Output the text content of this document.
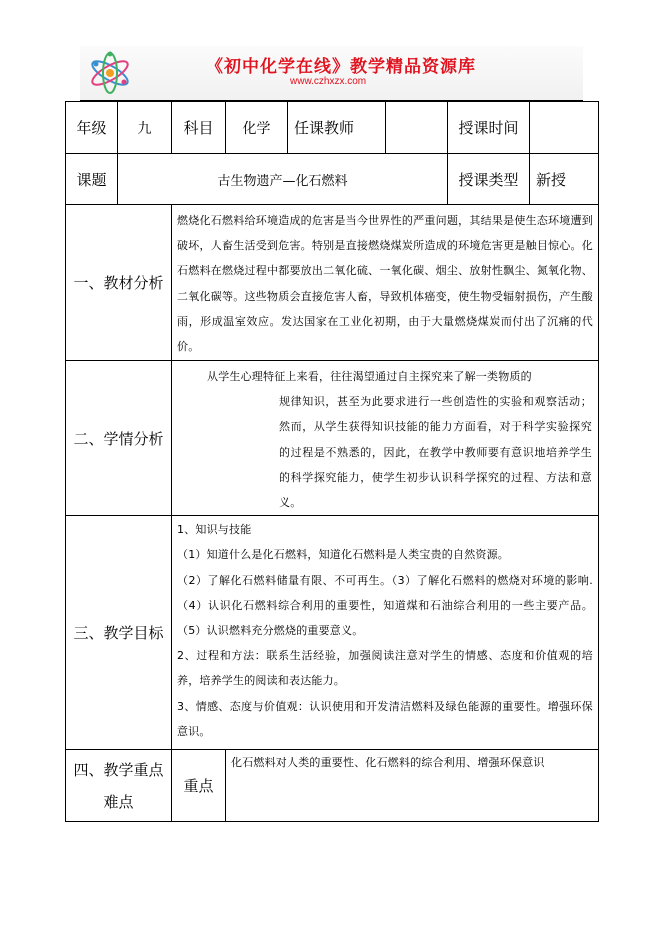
《初中化学在线》教学精品资源库
www.czhxzx.com
年级	九	科目	化学	任课教师		授课时间	
课题	古生物遗产—化石燃料					授课类型	新授
一、教材分析		燃烧化石燃料给环境造成的危害是当今世界性的严重问题，其结果是使生态环境遭到破坏，人畜生活受到危害。特别是直接燃烧煤炭所造成的环境危害更是触目惊心。化石燃料在燃烧过程中都要放出二氧化硫、一氧化碳、烟尘、放射性飘尘、氮氧化物、二氧化碳等。这些物质会直接危害人畜，导致机体癌变，使生物受辐射损伤，产生酸雨，形成温室效应。发达国家在工业化初期，由于大量燃烧煤炭而付出了沉痛的代价。					

二、学情分析		从学生心理特征上来看，往往渴望通过自主探究来了解一类物质的

规律知识，甚至为此要求进行一些创造性的实验和观察活动；然而，从学生获得知识技能的能力方面看，对于科学实验探究的过程是不熟悉的，因此，在教学中教师要有意识地培养学生的科学探究能力，使学生初步认识科学探究的过程、方法和意义。					

三、教学目标		1、知识与技能

（1）知道什么是化石燃料，知道化石燃料是人类宝贵的自然资源。

（2）了解化石燃料储量有限、不可再生。（3）了解化石燃料的燃烧对环境的影响.（4）认识化石燃料综合利用的重要性，知道煤和石油综合利用的一些主要产品。（5）认识燃料充分燃烧的重要意义。

2、过程和方法：联系生活经验，加强阅读注意对学生的情感、态度和价值观的培养，培养学生的阅读和表达能力。

3、情感、态度与价值观：认识使用和开发清洁燃料及绿色能源的重要性。增强环保意识。					

四、教学重点
难点		重点	化石燃料对人类的重要性、化石燃料的综合利用、增强环保意识				
